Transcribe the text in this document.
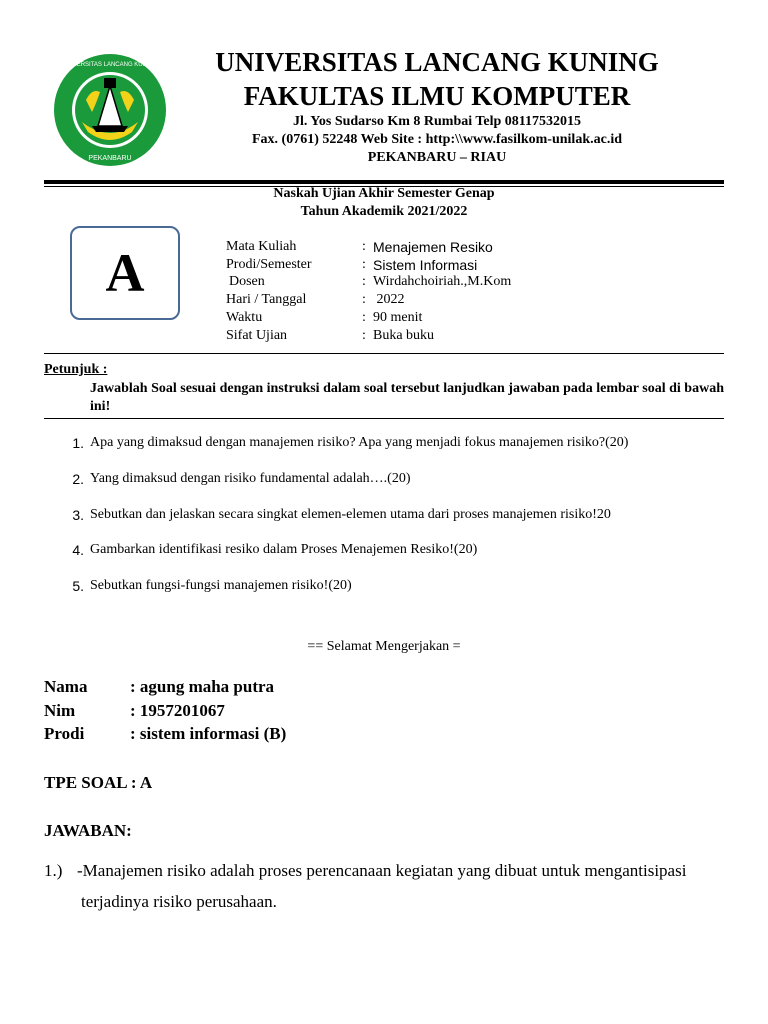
UNIVERSITAS LANCANG KUNING
PEKANBARU
UNIVERSITAS LANCANG KUNING
FAKULTAS ILMU KOMPUTER
Jl. Yos Sudarso Km 8 Rumbai Telp 08117532015
Fax. (0761) 52248 Web Site : http:\\www.fasilkom-unilak.ac.id
PEKANBARU – RIAU
Naskah Ujian Akhir Semester Genap
Tahun Akademik 2021/2022
A	Mata Kuliah	: Menajemen Resiko
Prodi/Semester	: Sistem Informasi
Dosen	: Wirdahchoiriah.,M.Kom
Hari / Tanggal	: 2022
Waktu	: 90 menit
Sifat Ujian	: Buka buku
Petunjuk :
Jawablah Soal sesuai dengan instruksi dalam soal tersebut lanjudkan jawaban pada lembar soal di bawah ini!
1. Apa yang dimaksud dengan manajemen risiko? Apa yang menjadi fokus manajemen risiko?(20)
2. Yang dimaksud dengan risiko fundamental adalah….(20)
3. Sebutkan dan jelaskan secara singkat elemen-elemen utama dari proses manajemen risiko!20
4. Gambarkan identifikasi resiko dalam Proses Menajemen Resiko!(20)
5. Sebutkan fungsi-fungsi manajemen risiko!(20)
== Selamat Mengerjakan =
Nama	: agung maha putra
Nim	: 1957201067
Prodi	: sistem informasi (B)
TPE SOAL : A
JAWABAN:
1.) -Manajemen risiko adalah proses perencanaan kegiatan yang dibuat untuk mengantisipasi
terjadinya risiko perusahaan.
